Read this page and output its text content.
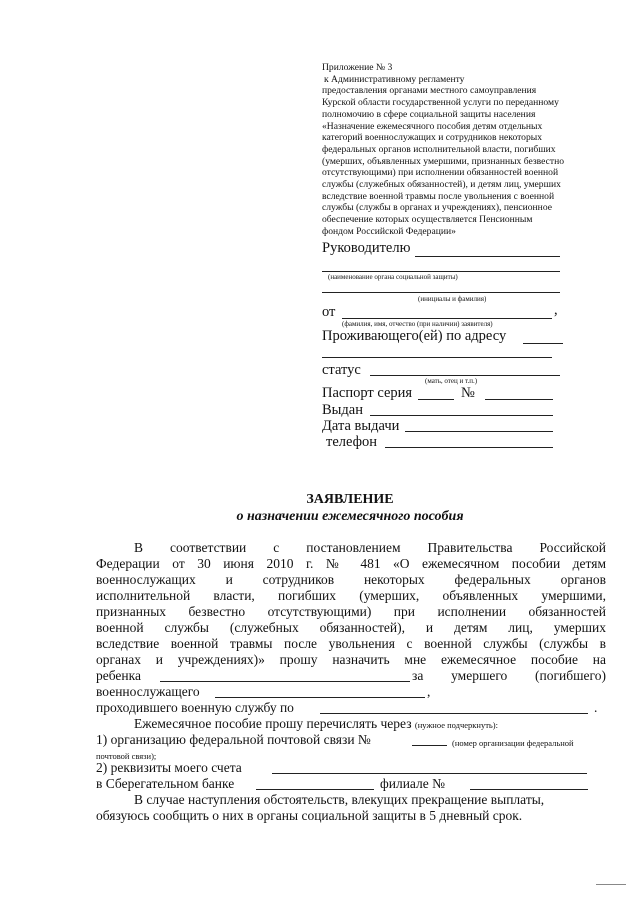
Приложение № 3
к Административному регламенту
предоставления органами местного самоуправления
Курской области государственной услуги по переданному
полномочию в сфере социальной защиты населения
«Назначение ежемесячного пособия детям отдельных
категорий военнослужащих и сотрудников некоторых
федеральных органов исполнительной власти, погибших
(умерших, объявленных умершими, признанных безвестно
отсутствующими) при исполнении обязанностей военной
службы (служебных обязанностей), и детям лиц, умерших
вследствие военной травмы после увольнения с военной
службы (службы в органах и учреждениях), пенсионное
обеспечение которых осуществляется Пенсионным
фондом Российской Федерации»
Руководителю
(наименование органа социальной защиты)
(инициалы и фамилия)
от	,
(фамилия, имя, отчество (при наличии) заявителя)
Проживающего(ей) по адресу
статус
(мать, отец и т.п.)
Паспорт серия	№
Выдан
Дата выдачи
телефон
ЗАЯВЛЕНИЕ
о назначении ежемесячного пособия
В соответствии с постановлением Правительства Российской
Федерации от 30 июня 2010 г. № 481 «О ежемесячном пособии детям
военнослужащих и сотрудников некоторых федеральных органов
исполнительной власти, погибших (умерших, объявленных умершими,
признанных безвестно отсутствующими) при исполнении обязанностей
военной службы (служебных обязанностей), и детям лиц, умерших
вследствие военной травмы после увольнения с военной службы (службы в
органах и учреждениях)» прошу назначить мне ежемесячное пособие на
ребенка	за умершего (погибшего)
военнослужащего	,
проходившего военную службу по	.
Ежемесячное пособие прошу перечислять через (нужное подчеркнуть):
1) организацию федеральной почтовой связи №	(номер организации федеральной
почтовой связи);
2) реквизиты моего счета
в Сберегательном банке	филиале №
В случае наступления обстоятельств, влекущих прекращение выплаты,
обязуюсь сообщить о них в органы социальной защиты в 5 дневный срок.
